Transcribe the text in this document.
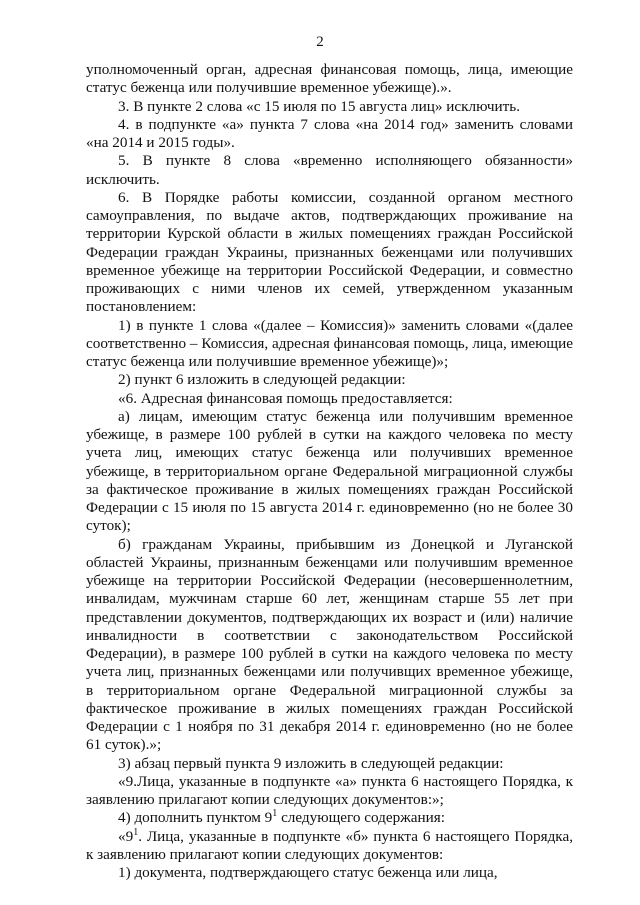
2

уполномоченный орган, адресная финансовая помощь, лица, имеющие статус беженца или получившие временное убежище).».

3. В пункте 2 слова «с 15 июля по 15 августа лиц» исключить.

4. в подпункте «а» пункта 7 слова «на 2014 год» заменить словами «на 2014 и 2015 годы».

5. В пункте 8 слова «временно исполняющего обязанности» исключить.

6. В Порядке работы комиссии, созданной органом местного самоуправления, по выдаче актов, подтверждающих проживание на территории Курской области в жилых помещениях граждан Российской Федерации граждан Украины, признанных беженцами или получивших временное убежище на территории Российской Федерации, и совместно проживающих с ними членов их семей, утвержденном указанным постановлением:

1) в пункте 1 слова «(далее – Комиссия)» заменить словами «(далее соответственно – Комиссия, адресная финансовая помощь, лица, имеющие статус беженца или получившие временное убежище)»;

2) пункт 6 изложить в следующей редакции:

«6. Адресная финансовая помощь предоставляется:

а) лицам, имеющим статус беженца или получившим временное убежище, в размере 100 рублей в сутки на каждого человека по месту учета лиц, имеющих статус беженца или получивших временное убежище, в территориальном органе Федеральной миграционной службы за фактическое проживание в жилых помещениях граждан Российской Федерации с 15 июля по 15 августа 2014 г. единовременно (но не более 30 суток);

б) гражданам Украины, прибывшим из Донецкой и Луганской областей Украины, признанным беженцами или получившим временное убежище на территории Российской Федерации (несовершеннолетним, инвалидам, мужчинам старше 60 лет, женщинам старше 55 лет при представлении документов, подтверждающих их возраст и (или) наличие инвалидности в соответствии с законодательством Российской Федерации), в размере 100 рублей в сутки на каждого человека по месту учета лиц, признанных беженцами или получивщих временное убежище, в территориальном органе Федеральной миграционной службы за фактическое проживание в жилых помещениях граждан Российской Федерации с 1 ноября по 31 декабря 2014 г. единовременно (но не более 61 суток).»;

3) абзац первый пункта 9 изложить в следующей редакции:

«9.Лица, указанные в подпункте «а» пункта 6 настоящего Порядка, к заявлению прилагают копии следующих документов:»;

4) дополнить пунктом $9^1$ следующего содержания:

«$9^1$. Лица, указанные в подпункте «б» пункта 6 настоящего Порядка, к заявлению прилагают копии следующих документов:

1) документа, подтверждающего статус беженца или лица,
